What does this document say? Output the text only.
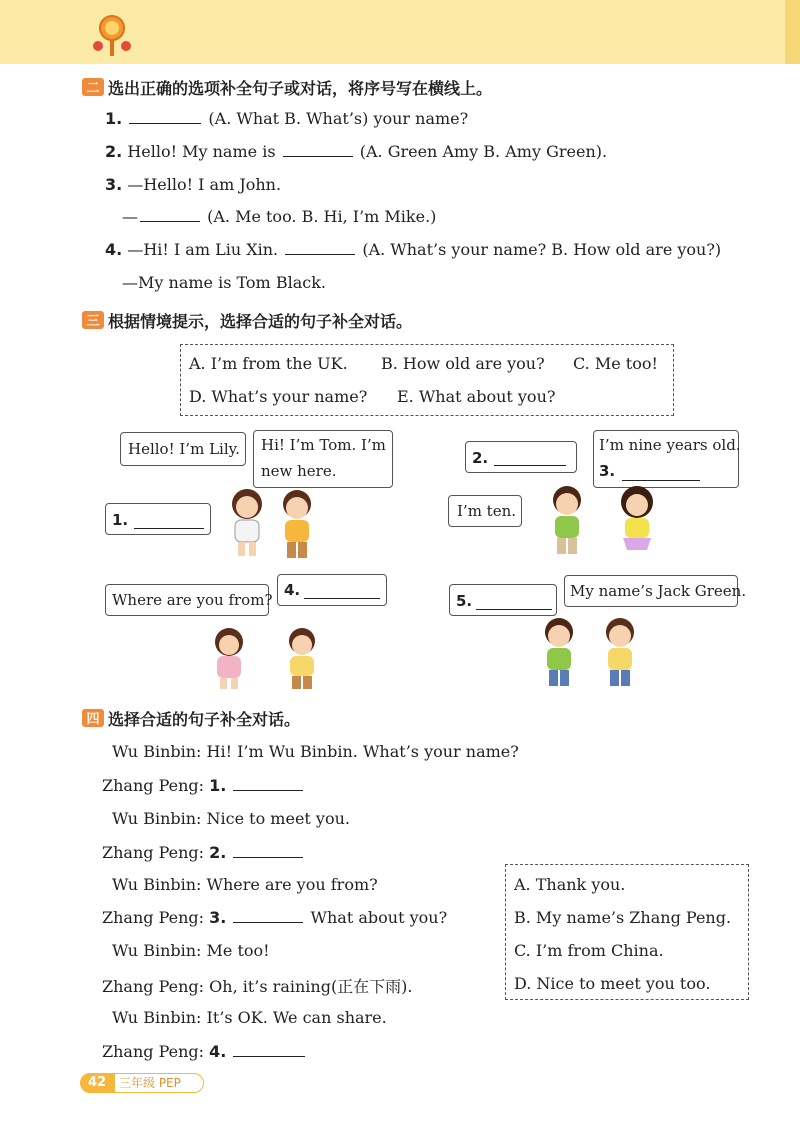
二 选出正确的选项补全句子或对话，将序号写在横线上。
1.	(A. What B. What’s) your name?
2. Hello! My name is	(A. Green Amy B. Amy Green).
3. —Hello! I am John.
—	(A. Me too. B. Hi, I’m Mike.)
4. —Hi! I am Liu Xin.	(A. What’s your name? B. How old are you?)
—My name is Tom Black.
三 根据情境提示，选择合适的句子补全对话。
A. I’m from the UK. B. How old are you? C. Me too!
D. What’s your name? E. What about you?
Hello! I’m Lily. Hi! I’m Tom. I’m
new here.
1.
2.
I’m nine years old.
3.
I’m ten.
Where are you from?
4.
5.
My name’s Jack Green.
四 选择合适的句子补全对话。
Wu Binbin: Hi! I’m Wu Binbin. What’s your name?
Zhang Peng: 1.
Wu Binbin: Nice to meet you.
Zhang Peng: 2.
Wu Binbin: Where are you from?
Zhang Peng: 3.	What about you?
Wu Binbin: Me too!
Zhang Peng: Oh, it’s raining(正在下雨).
Wu Binbin: It’s OK. We can share.
Zhang Peng: 4.
A. Thank you.
B. My name’s Zhang Peng.
C. I’m from China.
D. Nice to meet you too.
42	三年级 PEP
